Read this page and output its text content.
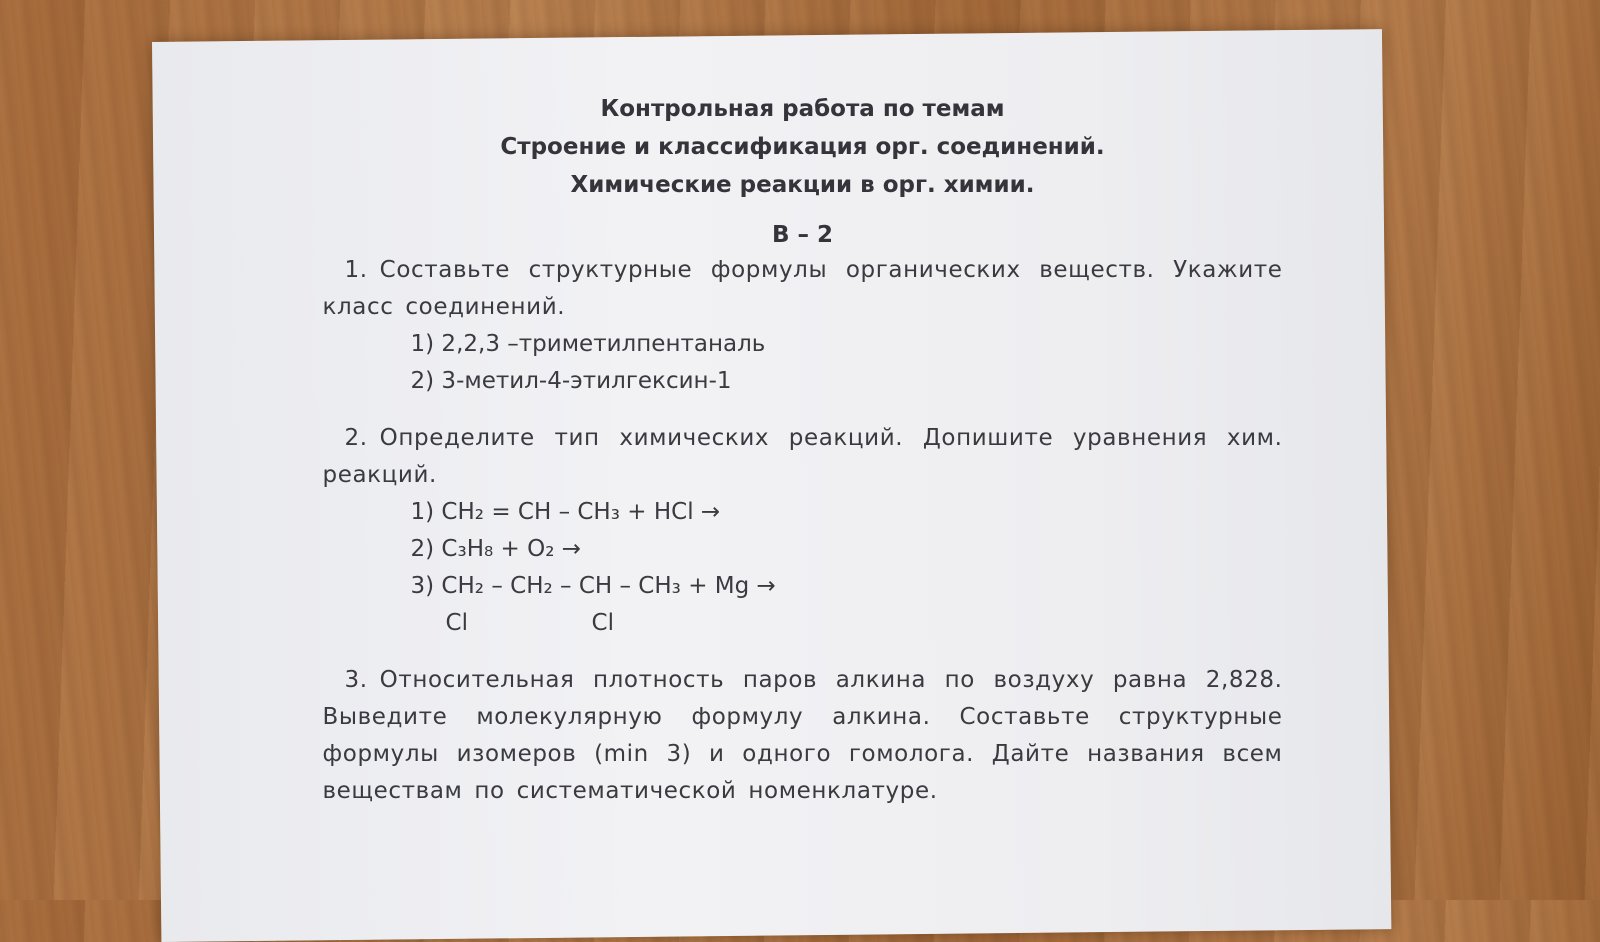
Контрольная работа по темам
Строение и классификация орг. соединений.
Химические реакции в орг. химии.
В – 2
1. Составьте структурные формулы органических веществ. Укажите класс соединений.
1) 2,2,3 –триметилпентаналь
2) 3-метил-4-этилгексин-1
2. Определите тип химических реакций. Допишите уравнения хим. реакций.
1) CH₂ = CH – CH₃ + HCl →
2) C₃H₈ + O₂ →
3) CH₂ – CH₂ – CH – CH₃ + Mg →
Cl	Cl
3. Относительная плотность паров алкина по воздуху равна 2,828. Выведите молекулярную формулу алкина. Составьте структурные формулы изомеров (min 3) и одного гомолога. Дайте названия всем веществам по систематической номенклатуре.
